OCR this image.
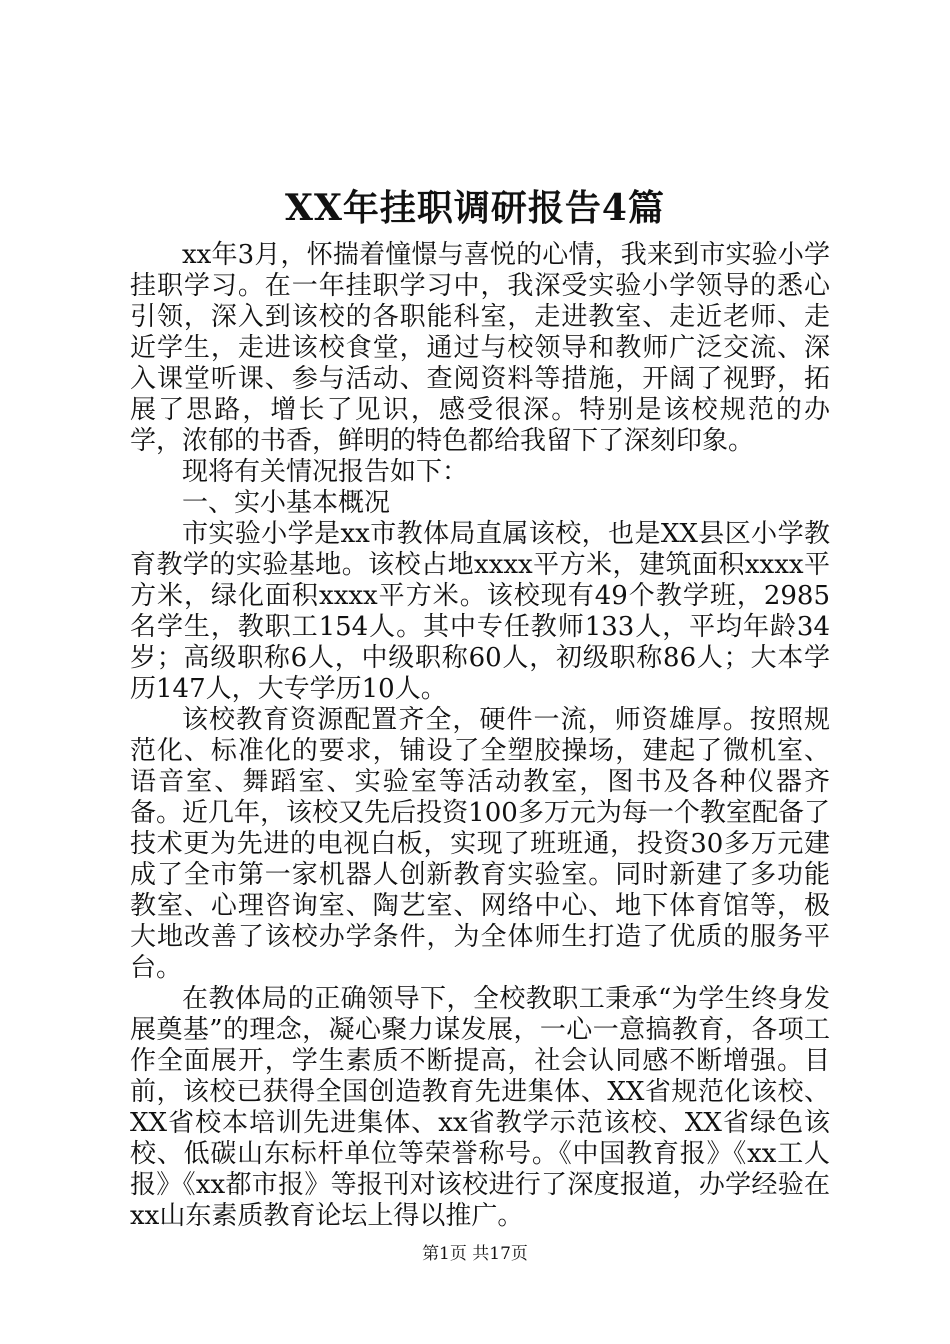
XX年挂职调研报告4篇

xx年3月，怀揣着憧憬与喜悦的心情，我来到市实验小学挂职学习。在一年挂职学习中，我深受实验小学领导的悉心引领，深入到该校的各职能科室，走进教室、走近老师、走近学生，走进该校食堂，通过与校领导和教师广泛交流、深入课堂听课、参与活动、查阅资料等措施，开阔了视野，拓展了思路，增长了见识，感受很深。特别是该校规范的办学，浓郁的书香，鲜明的特色都给我留下了深刻印象。

现将有关情况报告如下：

一、实小基本概况

市实验小学是xx市教体局直属该校，也是XX县区小学教育教学的实验基地。该校占地xxxx平方米，建筑面积xxxx平方米，绿化面积xxxx平方米。该校现有49个教学班，2985名学生，教职工154人。其中专任教师133人，平均年龄34岁；高级职称6人，中级职称60人，初级职称86人；大本学历147人，大专学历10人。

该校教育资源配置齐全，硬件一流，师资雄厚。按照规范化、标准化的要求，铺设了全塑胶操场，建起了微机室、语音室、舞蹈室、实验室等活动教室，图书及各种仪器齐备。近几年，该校又先后投资100多万元为每一个教室配备了技术更为先进的电视白板，实现了班班通，投资30多万元建成了全市第一家机器人创新教育实验室。同时新建了多功能教室、心理咨询室、陶艺室、网络中心、地下体育馆等，极大地改善了该校办学条件，为全体师生打造了优质的服务平台。

在教体局的正确领导下，全校教职工秉承“为学生终身发展奠基”的理念，凝心聚力谋发展，一心一意搞教育，各项工作全面展开，学生素质不断提高，社会认同感不断增强。目前，该校已获得全国创造教育先进集体、XX省规范化该校、XX省校本培训先进集体、xx省教学示范该校、XX省绿色该校、低碳山东标杆单位等荣誉称号。《中国教育报》《xx工人报》《xx都市报》等报刊对该校进行了深度报道，办学经验在xx山东素质教育论坛上得以推广。

第1页 共17页
